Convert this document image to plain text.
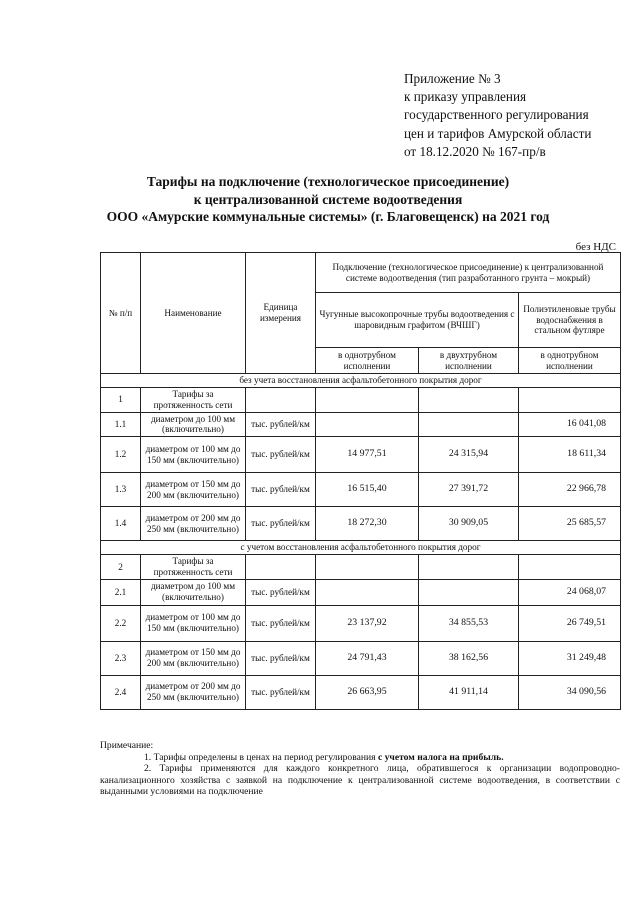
Приложение № 3
к приказу управления
государственного регулирования
цен и тарифов Амурской области
от 18.12.2020 № 167-пр/в
Тарифы на подключение (технологическое присоединение)
к централизованной системе водоотведения
ООО «Амурские коммунальные системы» (г. Благовещенск) на 2021 год
без НДС
№ п/п	Наименование	Единица измерения	Подключение (технологическое присоединение) к централизованной системе водоотведения (тип разработанного грунта – мокрый)		
			Чугунные высокопрочные трубы водоотведения с шаровидным графитом (ВЧШГ)		Полиэтиленовые трубы водоснабжения в стальном футляре
			в однотрубном исполнении	в двухтрубном исполнении	в однотрубном исполнении
без учета восстановления асфальтобетонного покрытия дорог					
1	Тарифы за протяженность сети				
1.1	диаметром до 100 мм (включительно)	тыс. рублей/км			16 041,08
1.2	диаметром от 100 мм до 150 мм (включительно)	тыс. рублей/км	14 977,51	24 315,94	18 611,34
1.3	диаметром от 150 мм до 200 мм (включительно)	тыс. рублей/км	16 515,40	27 391,72	22 966,78
1.4	диаметром от 200 мм до 250 мм (включительно)	тыс. рублей/км	18 272,30	30 909,05	25 685,57
с учетом восстановления асфальтобетонного покрытия дорог					
2	Тарифы за протяженность сети				
2.1	диаметром до 100 мм (включительно)	тыс. рублей/км			24 068,07
2.2	диаметром от 100 мм до 150 мм (включительно)	тыс. рублей/км	23 137,92	34 855,53	26 749,51
2.3	диаметром от 150 мм до 200 мм (включительно)	тыс. рублей/км	24 791,43	38 162,56	31 249,48
2.4	диаметром от 200 мм до 250 мм (включительно)	тыс. рублей/км	26 663,95	41 911,14	34 090,56

Примечание:

1. Тарифы определены в ценах на период регулирования с учетом налога на прибыль.

2. Тарифы применяются для каждого конкретного лица, обратившегося к организации водопроводно-канализационного хозяйства с заявкой на подключение к централизованной системе водоотведения, в соответствии с выданными условиями на подключение
